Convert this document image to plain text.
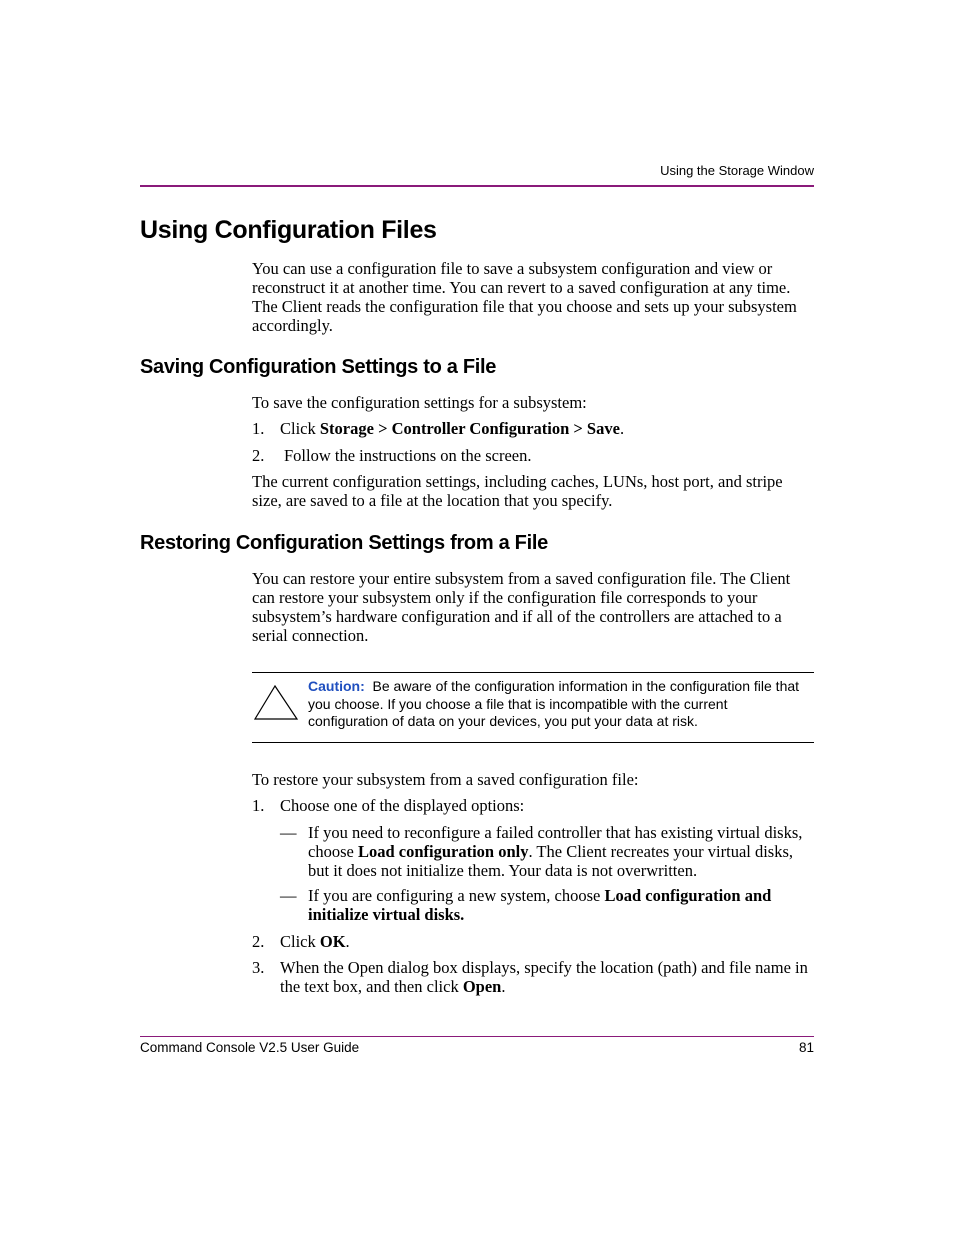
Using the Storage Window
Using Configuration Files
You can use a configuration file to save a subsystem configuration and view or reconstruct it at another time. You can revert to a saved configuration at any time. The Client reads the configuration file that you choose and sets up your subsystem accordingly.
Saving Configuration Settings to a File
To save the configuration settings for a subsystem:
1. Click Storage > Controller Configuration > Save.
2. Follow the instructions on the screen.
The current configuration settings, including caches, LUNs, host port, and stripe size, are saved to a file at the location that you specify.
Restoring Configuration Settings from a File
You can restore your entire subsystem from a saved configuration file. The Client can restore your subsystem only if the configuration file corresponds to your subsystem’s hardware configuration and if all of the controllers are attached to a serial connection.
Caution: Be aware of the configuration information in the configuration file that you choose. If you choose a file that is incompatible with the current configuration of data on your devices, you put your data at risk.
To restore your subsystem from a saved configuration file:
1. Choose one of the displayed options:
— If you need to reconfigure a failed controller that has existing virtual disks, choose Load configuration only. The Client recreates your virtual disks, but it does not initialize them. Your data is not overwritten.
— If you are configuring a new system, choose Load configuration and initialize virtual disks.
2. Click OK.
3. When the Open dialog box displays, specify the location (path) and file name in the text box, and then click Open.
Command Console V2.5 User Guide	81
